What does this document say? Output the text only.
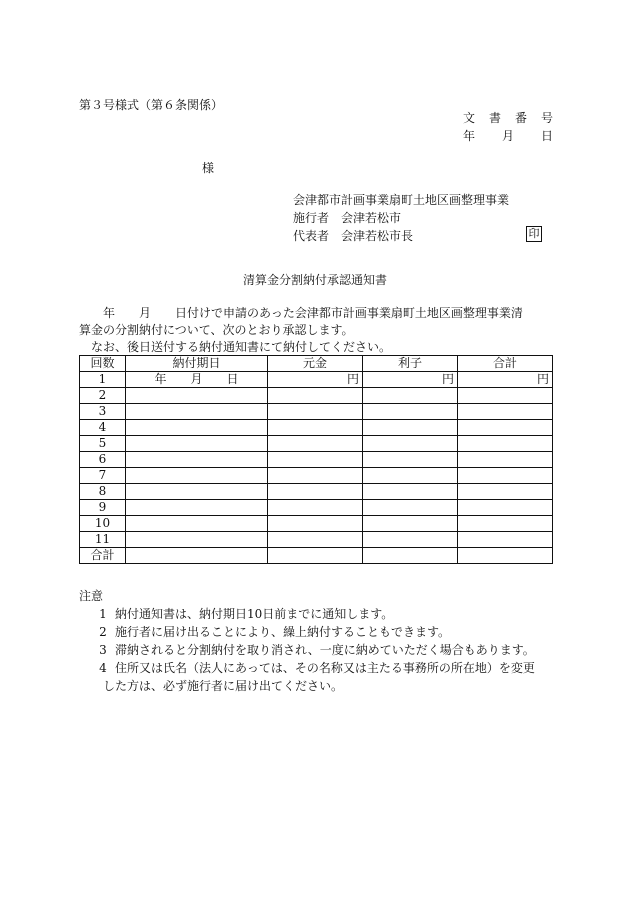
第３号様式（第６条関係）
文 書 番 号
年 月 日
様
会津都市計画事業扇町土地区画整理事業
施行者　会津若松市
代表者　会津若松市長	印
清算金分割納付承認通知書

　　年　　月　　日付けで申請のあった会津都市計画事業扇町土地区画整理事業清

算金の分割納付について、次のとおり承認します。

　なお、後日送付する納付通知書にて納付してください。

回数	納付期日	元金	利子	合計
1	年　　月　　日	円	円	円
2				
3				
4				
5				
6				
7				
8				
9				
10				
11				
合計				
注意
1 納付通知書は、納付期日10日前までに通知します。
2 施行者に届け出ることにより、繰上納付することもできます。
3 滞納されると分割納付を取り消され、一度に納めていただく場合もあります。
4 住所又は氏名（法人にあっては、その名称又は主たる事務所の所在地）を変更
した方は、必ず施行者に届け出てください。
